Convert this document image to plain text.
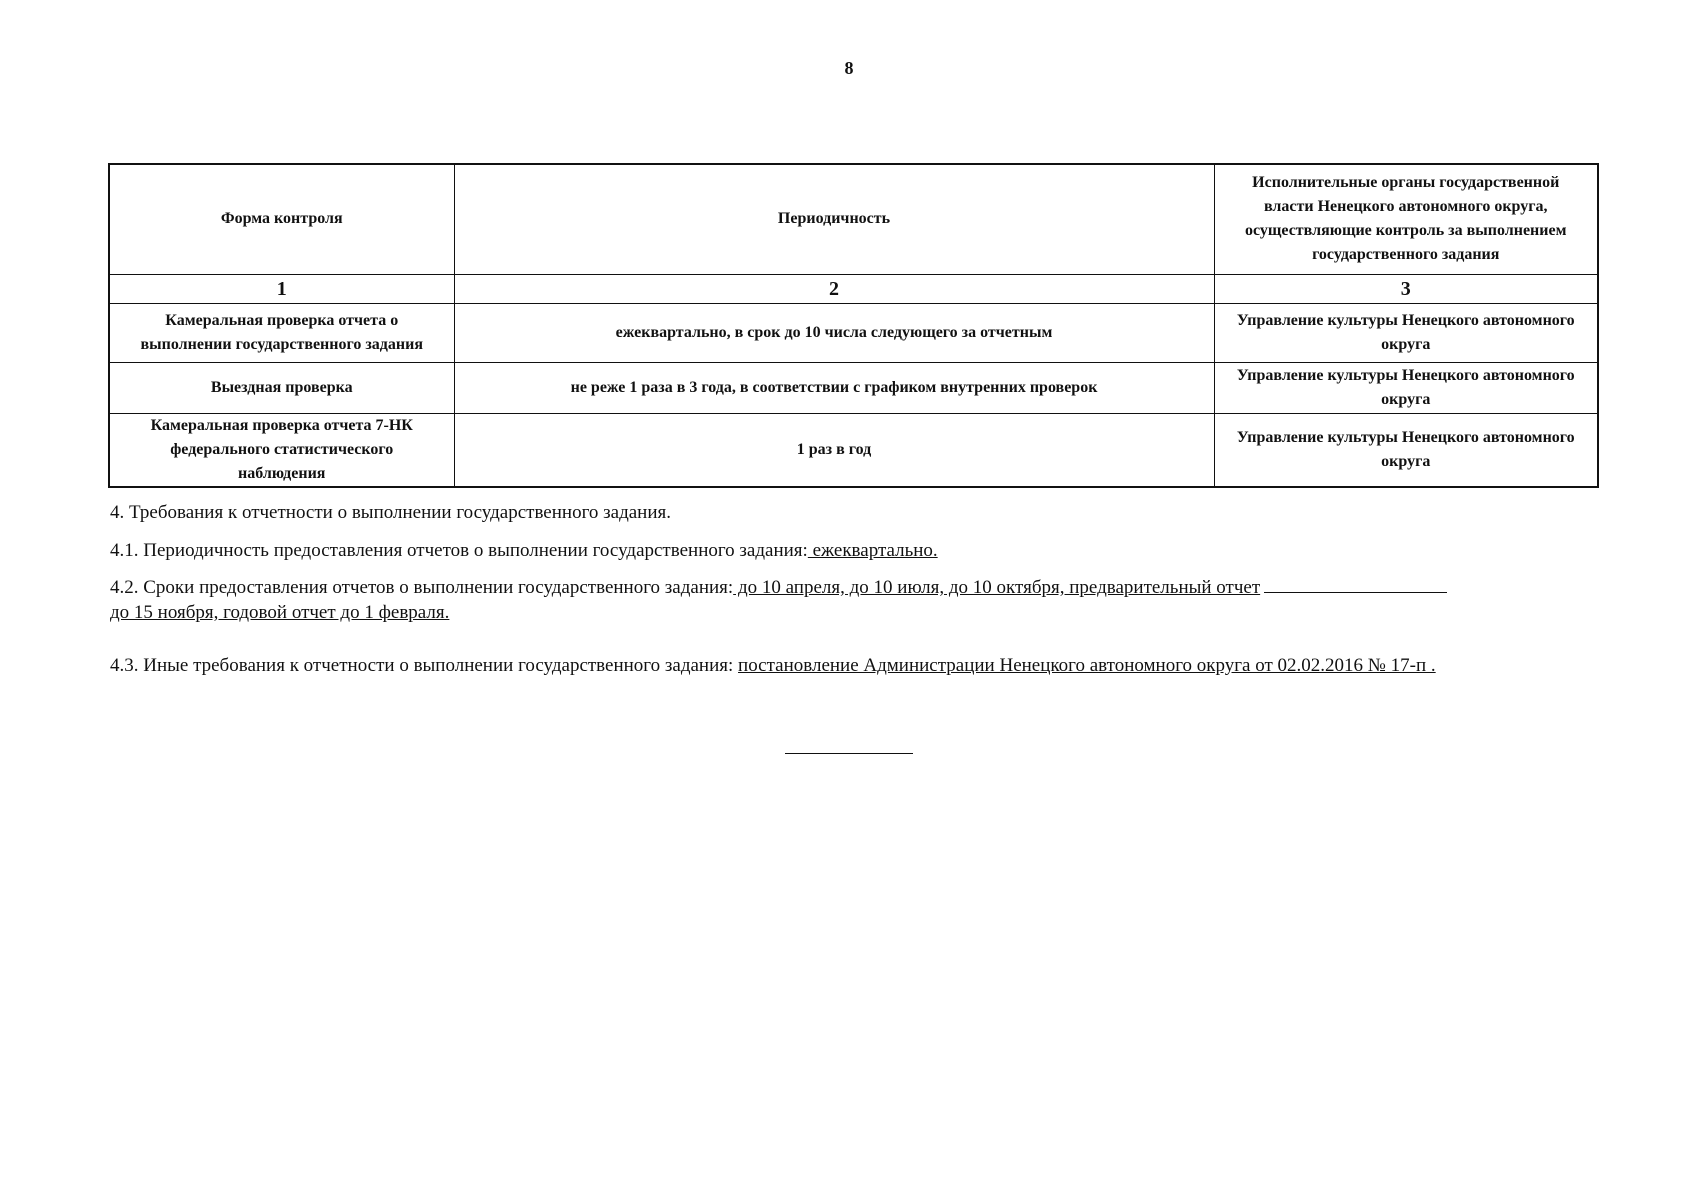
8
Форма контроля	Периодичность	Исполнительные органы государственной власти Ненецкого автономного округа, осуществляющие контроль за выполнением государственного задания
1	2	3
Камеральная проверка отчета о выполнении государственного задания	ежеквартально, в срок до 10 числа следующего за отчетным	Управление культуры Ненецкого автономного округа
Выездная проверка	не реже 1 раза в 3 года, в соответствии с графиком внутренних проверок	Управление культуры Ненецкого автономного округа
Камеральная проверка отчета 7-НК федерального статистического наблюдения	1 раз в год	Управление культуры Ненецкого автономного округа
4. Требования к отчетности о выполнении государственного задания.
4.1. Периодичность предоставления отчетов о выполнении государственного задания: ежеквартально.
4.2. Сроки предоставления отчетов о выполнении государственного задания: до 10 апреля, до 10 июля, до 10 октября, предварительный отчет
до 15 ноября, годовой отчет до 1 февраля.
4.3. Иные требования к отчетности о выполнении государственного задания: постановление Администрации Ненецкого автономного округа от 02.02.2016 № 17-п .
